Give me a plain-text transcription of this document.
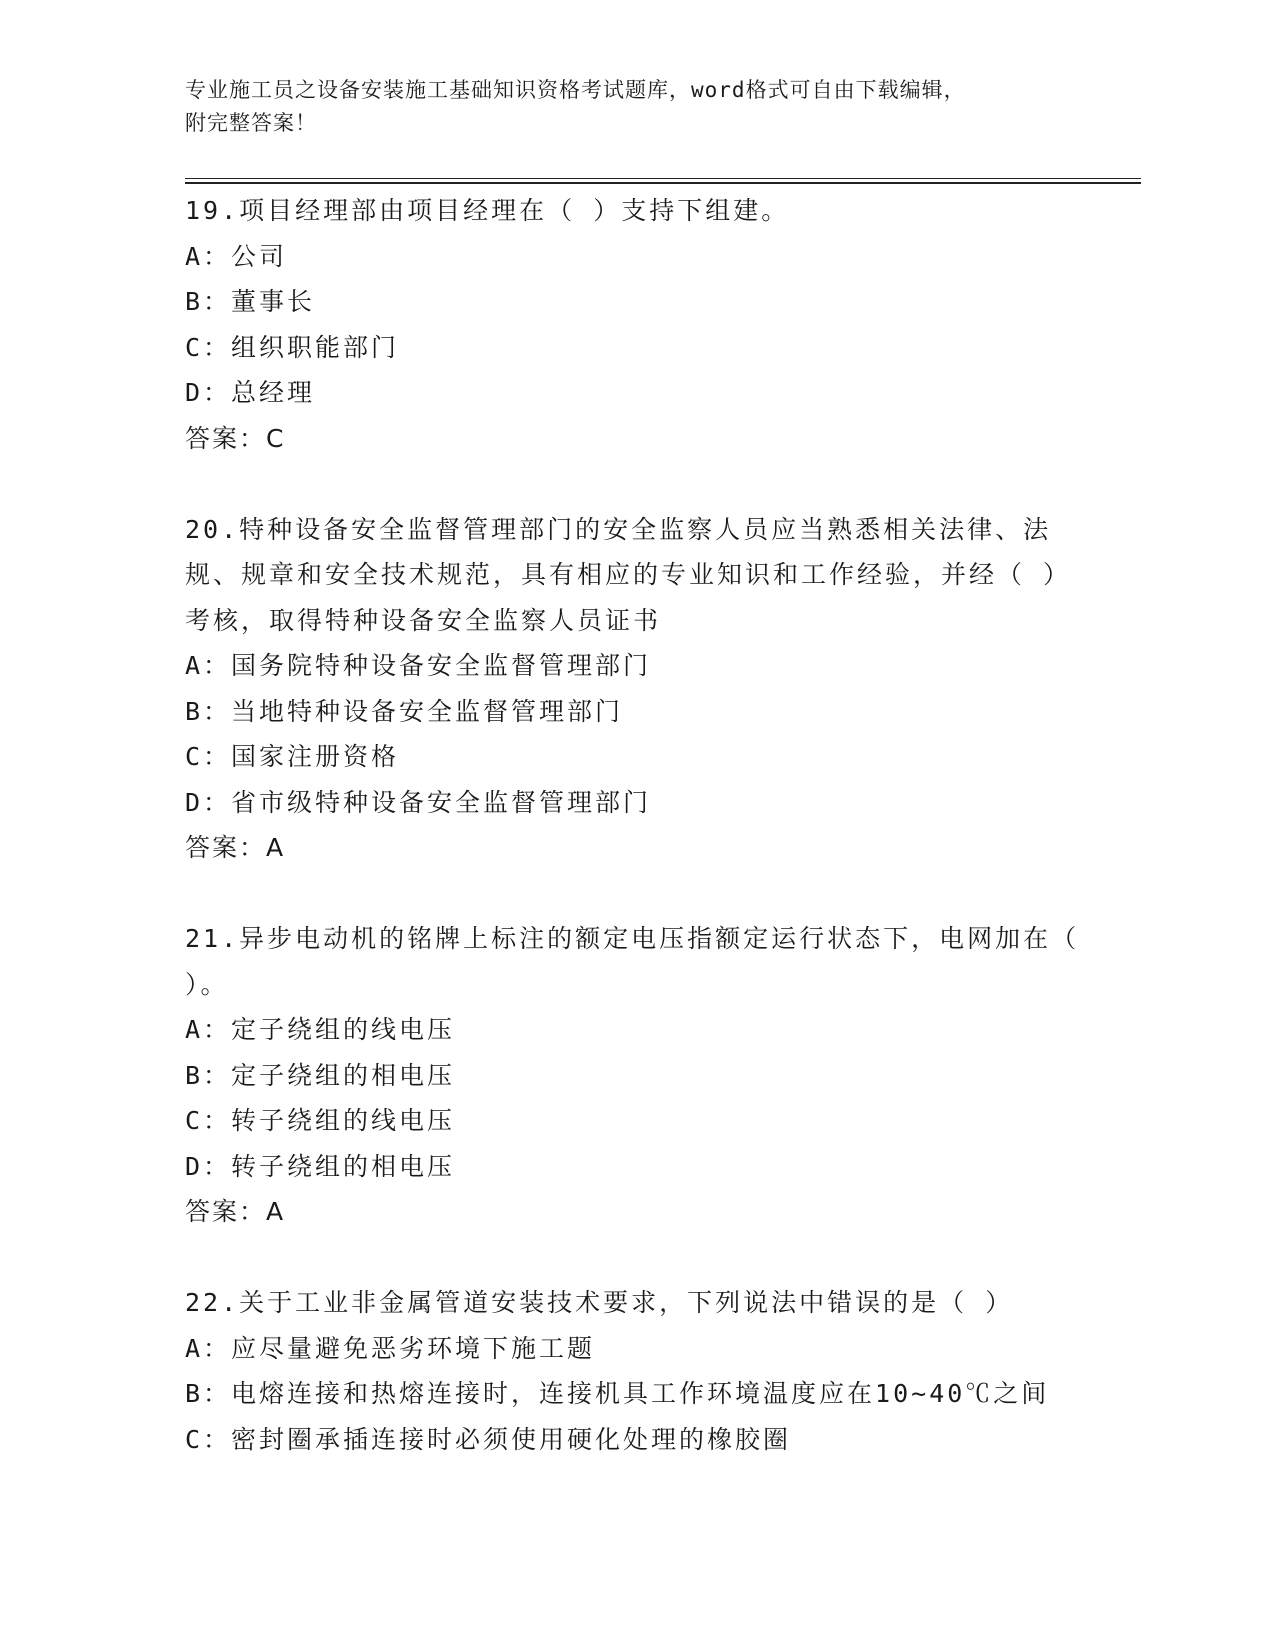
专业施工员之设备安装施工基础知识资格考试题库，word格式可自由下载编辑，
附完整答案！
19.项目经理部由项目经理在（ ）支持下组建。
A：公司
B：董事长
C：组织职能部门
D：总经理
答案：C
20.特种设备安全监督管理部门的安全监察人员应当熟悉相关法律、法规、规章和安全技术规范，具有相应的专业知识和工作经验，并经（ ）考核，取得特种设备安全监察人员证书
A：国务院特种设备安全监督管理部门
B：当地特种设备安全监督管理部门
C：国家注册资格
D：省市级特种设备安全监督管理部门
答案：A
21.异步电动机的铭牌上标注的额定电压指额定运行状态下，电网加在（ ）。
A：定子绕组的线电压
B：定子绕组的相电压
C：转子绕组的线电压
D：转子绕组的相电压
答案：A
22.关于工业非金属管道安装技术要求，下列说法中错误的是（ ）
A：应尽量避免恶劣环境下施工题
B：电熔连接和热熔连接时，连接机具工作环境温度应在10~40℃之间
C：密封圈承插连接时必须使用硬化处理的橡胶圈
